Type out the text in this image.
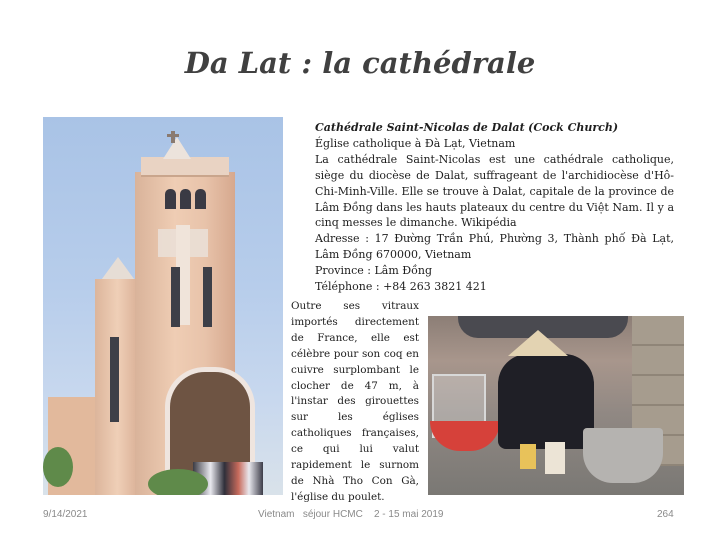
Da Lat : la cathédrale

Cathédrale Saint-Nicolas de Dalat (Cock Church)

Église catholique à Đà Lạt, Vietnam

La cathédrale Saint-Nicolas est une cathédrale catholique, siège du diocèse de Dalat, suffrageant de l'archidiocèse d'Hô-Chi-Minh-Ville. Elle se trouve à Dalat, capitale de la province de Lâm Đồng dans les hauts plateaux du centre du Việt Nam. Il y a cinq messes le dimanche. Wikipédia

Adresse : 17 Đường Trần Phú, Phường 3, Thành phố Đà Lạt, Lâm Đồng 670000, Vietnam

Province : Lâm Đồng

Téléphone : +84 263 3821 421

Outre ses vitraux importés directement de France, elle est célèbre pour son coq en cuivre surplombant le clocher de 47 m, à l'instar des girouettes sur les églises catholiques françaises, ce qui lui valut rapidement le surnom de Nhà Tho Con Gà, l'église du poulet.
9/14/2021	Vietnam   séjour HCMC    2 - 15 mai 2019	264
